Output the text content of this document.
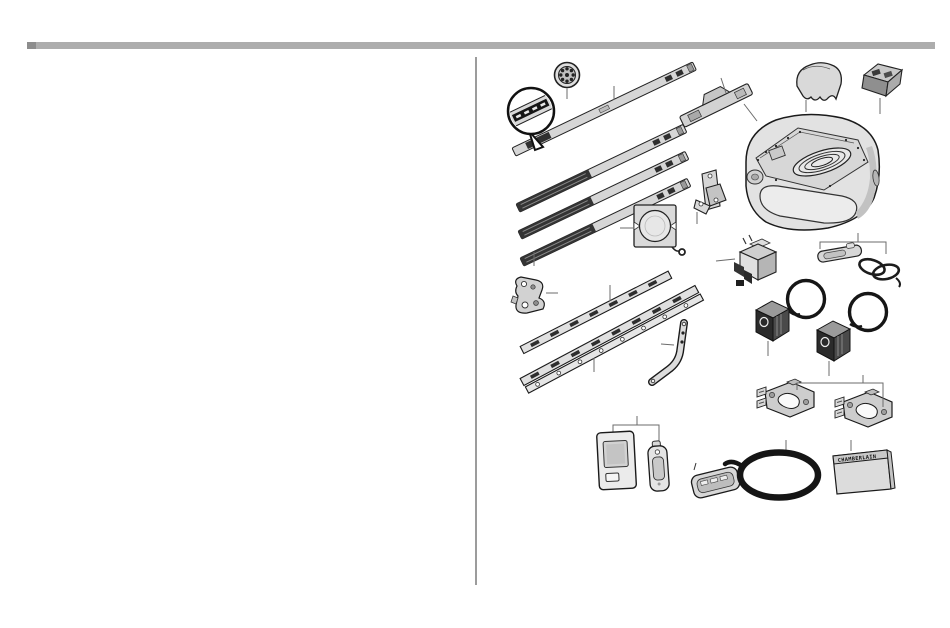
CHAMBERLAIN
